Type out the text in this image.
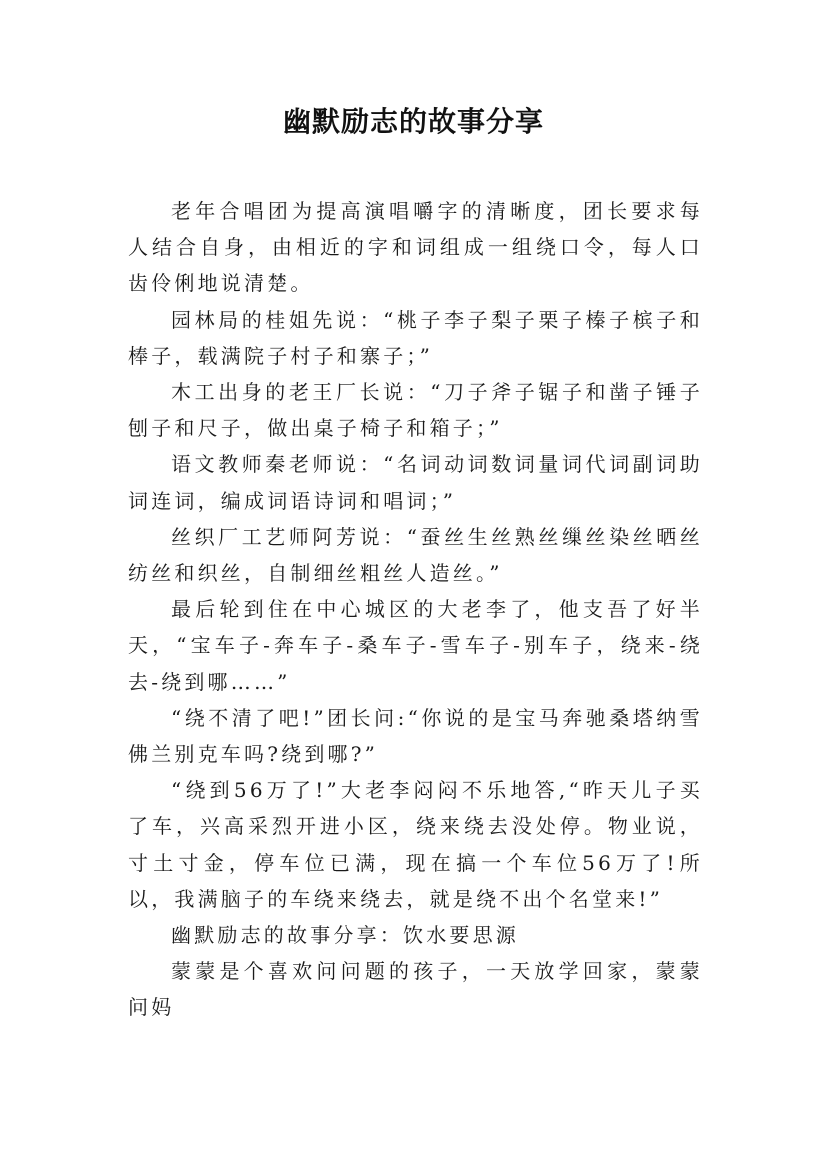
幽默励志的故事分享

老年合唱团为提高演唱嚼字的清晰度，团长要求每人结合自身，由相近的字和词组成一组绕口令，每人口齿伶俐地说清楚。

园林局的桂姐先说：“桃子李子梨子栗子榛子槟子和棒子，载满院子村子和寨子；”

木工出身的老王厂长说：“刀子斧子锯子和凿子锤子刨子和尺子，做出桌子椅子和箱子；”

语文教师秦老师说：“名词动词数词量词代词副词助词连词，编成词语诗词和唱词；”

丝织厂工艺师阿芳说：“蚕丝生丝熟丝缫丝染丝晒丝纺丝和织丝，自制细丝粗丝人造丝。”

最后轮到住在中心城区的大老李了，他支吾了好半天，“宝车子-奔车子-桑车子-雪车子-别车子，绕来-绕去-绕到哪……”

“绕不清了吧!”团长问:“你说的是宝马奔驰桑塔纳雪佛兰别克车吗?绕到哪?”

“绕到56万了!”大老李闷闷不乐地答,“昨天儿子买了车，兴高采烈开进小区，绕来绕去没处停。物业说，寸土寸金，停车位已满，现在搞一个车位56万了!所以，我满脑子的车绕来绕去，就是绕不出个名堂来!”

幽默励志的故事分享：饮水要思源

蒙蒙是个喜欢问问题的孩子，一天放学回家，蒙蒙问妈
